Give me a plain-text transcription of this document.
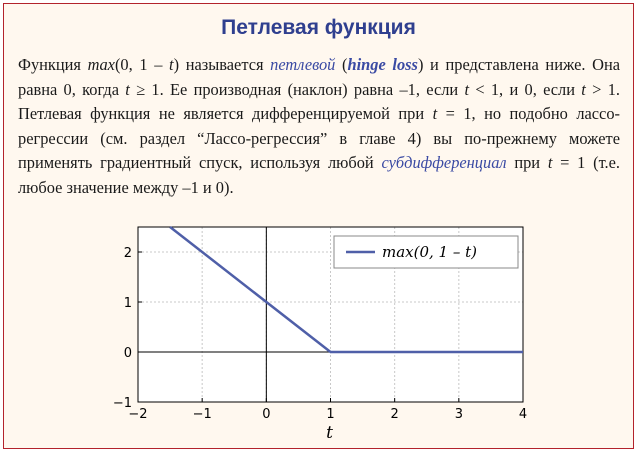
Петлевая функция
Функция max(0, 1 – t) называется петлевой (hinge loss) и представлена ниже. Она равна 0, когда t ≥ 1. Ее производная (наклон) равна –1, если t < 1, и 0, если t > 1. Петлевая функция не является дифференцируемой при t = 1, но подобно лассо-регрессии (см. раздел “Лассо-регрессия” в главе 4) вы по-прежнему можете применять градиентный спуск, используя любой субдифференциал при t = 1 (т.е. любое значение между –1 и 0).
−2	−1	0	1	2	3	4
−1
0
1
2
t
max(0, 1 – t)
